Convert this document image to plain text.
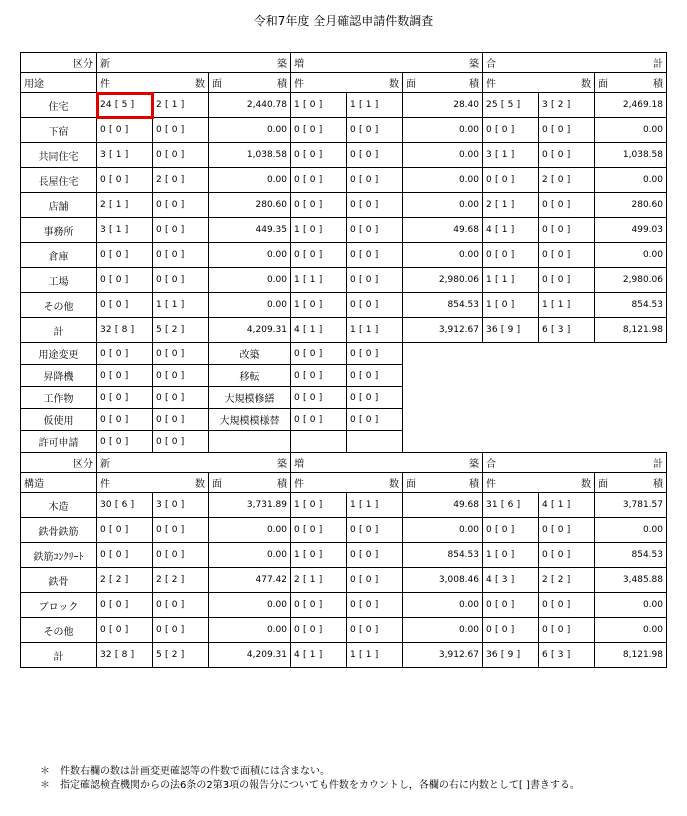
令和7年度 全月確認申請件数調査
区分	新 築			増 築			合 計		

用途	件 数		面 積	件 数		面 積	件 数		面 積

住宅	24 [ 5 ]	2 [ 1 ]	2,440.78	1 [ 0 ]	1 [ 1 ]	28.40	25 [ 5 ]	3 [ 2 ]	2,469.18
下宿	0 [ 0 ]	0 [ 0 ]	0.00	0 [ 0 ]	0 [ 0 ]	0.00	0 [ 0 ]	0 [ 0 ]	0.00
共同住宅	3 [ 1 ]	0 [ 0 ]	1,038.58	0 [ 0 ]	0 [ 0 ]	0.00	3 [ 1 ]	0 [ 0 ]	1,038.58
長屋住宅	0 [ 0 ]	2 [ 0 ]	0.00	0 [ 0 ]	0 [ 0 ]	0.00	0 [ 0 ]	2 [ 0 ]	0.00
店舗	2 [ 1 ]	0 [ 0 ]	280.60	0 [ 0 ]	0 [ 0 ]	0.00	2 [ 1 ]	0 [ 0 ]	280.60
事務所	3 [ 1 ]	0 [ 0 ]	449.35	1 [ 0 ]	0 [ 0 ]	49.68	4 [ 1 ]	0 [ 0 ]	499.03
倉庫	0 [ 0 ]	0 [ 0 ]	0.00	0 [ 0 ]	0 [ 0 ]	0.00	0 [ 0 ]	0 [ 0 ]	0.00
工場	0 [ 0 ]	0 [ 0 ]	0.00	1 [ 1 ]	0 [ 0 ]	2,980.06	1 [ 1 ]	0 [ 0 ]	2,980.06
その他	0 [ 0 ]	1 [ 1 ]	0.00	1 [ 0 ]	0 [ 0 ]	854.53	1 [ 0 ]	1 [ 1 ]	854.53
計	32 [ 8 ]	5 [ 2 ]	4,209.31	4 [ 1 ]	1 [ 1 ]	3,912.67	36 [ 9 ]	6 [ 3 ]	8,121.98
用途変更	0 [ 0 ]	0 [ 0 ]	改築	0 [ 0 ]	0 [ 0 ]				
昇降機	0 [ 0 ]	0 [ 0 ]	移転	0 [ 0 ]	0 [ 0 ]				
工作物	0 [ 0 ]	0 [ 0 ]	大規模修繕	0 [ 0 ]	0 [ 0 ]				
仮使用	0 [ 0 ]	0 [ 0 ]	大規模模様替	0 [ 0 ]	0 [ 0 ]				
許可申請	0 [ 0 ]	0 [ 0 ]							
区分	新 築			増 築			合 計		

構造	件 数		面 積	件 数		面 積	件 数		面 積

木造	30 [ 6 ]	3 [ 0 ]	3,731.89	1 [ 0 ]	1 [ 1 ]	49.68	31 [ 6 ]	4 [ 1 ]	3,781.57
鉄骨鉄筋	0 [ 0 ]	0 [ 0 ]	0.00	0 [ 0 ]	0 [ 0 ]	0.00	0 [ 0 ]	0 [ 0 ]	0.00
鉄筋ｺﾝｸﾘｰﾄ	0 [ 0 ]	0 [ 0 ]	0.00	1 [ 0 ]	0 [ 0 ]	854.53	1 [ 0 ]	0 [ 0 ]	854.53
鉄骨	2 [ 2 ]	2 [ 2 ]	477.42	2 [ 1 ]	0 [ 0 ]	3,008.46	4 [ 3 ]	2 [ 2 ]	3,485.88
ブロック	0 [ 0 ]	0 [ 0 ]	0.00	0 [ 0 ]	0 [ 0 ]	0.00	0 [ 0 ]	0 [ 0 ]	0.00
その他	0 [ 0 ]	0 [ 0 ]	0.00	0 [ 0 ]	0 [ 0 ]	0.00	0 [ 0 ]	0 [ 0 ]	0.00
計	32 [ 8 ]	5 [ 2 ]	4,209.31	4 [ 1 ]	1 [ 1 ]	3,912.67	36 [ 9 ]	6 [ 3 ]	8,121.98
＊　件数右欄の数は計画変更確認等の件数で面積には含まない。
＊　指定確認検査機関からの法6条の2第3項の報告分についても件数をカウントし，各欄の右に内数として[ ]書きする。
